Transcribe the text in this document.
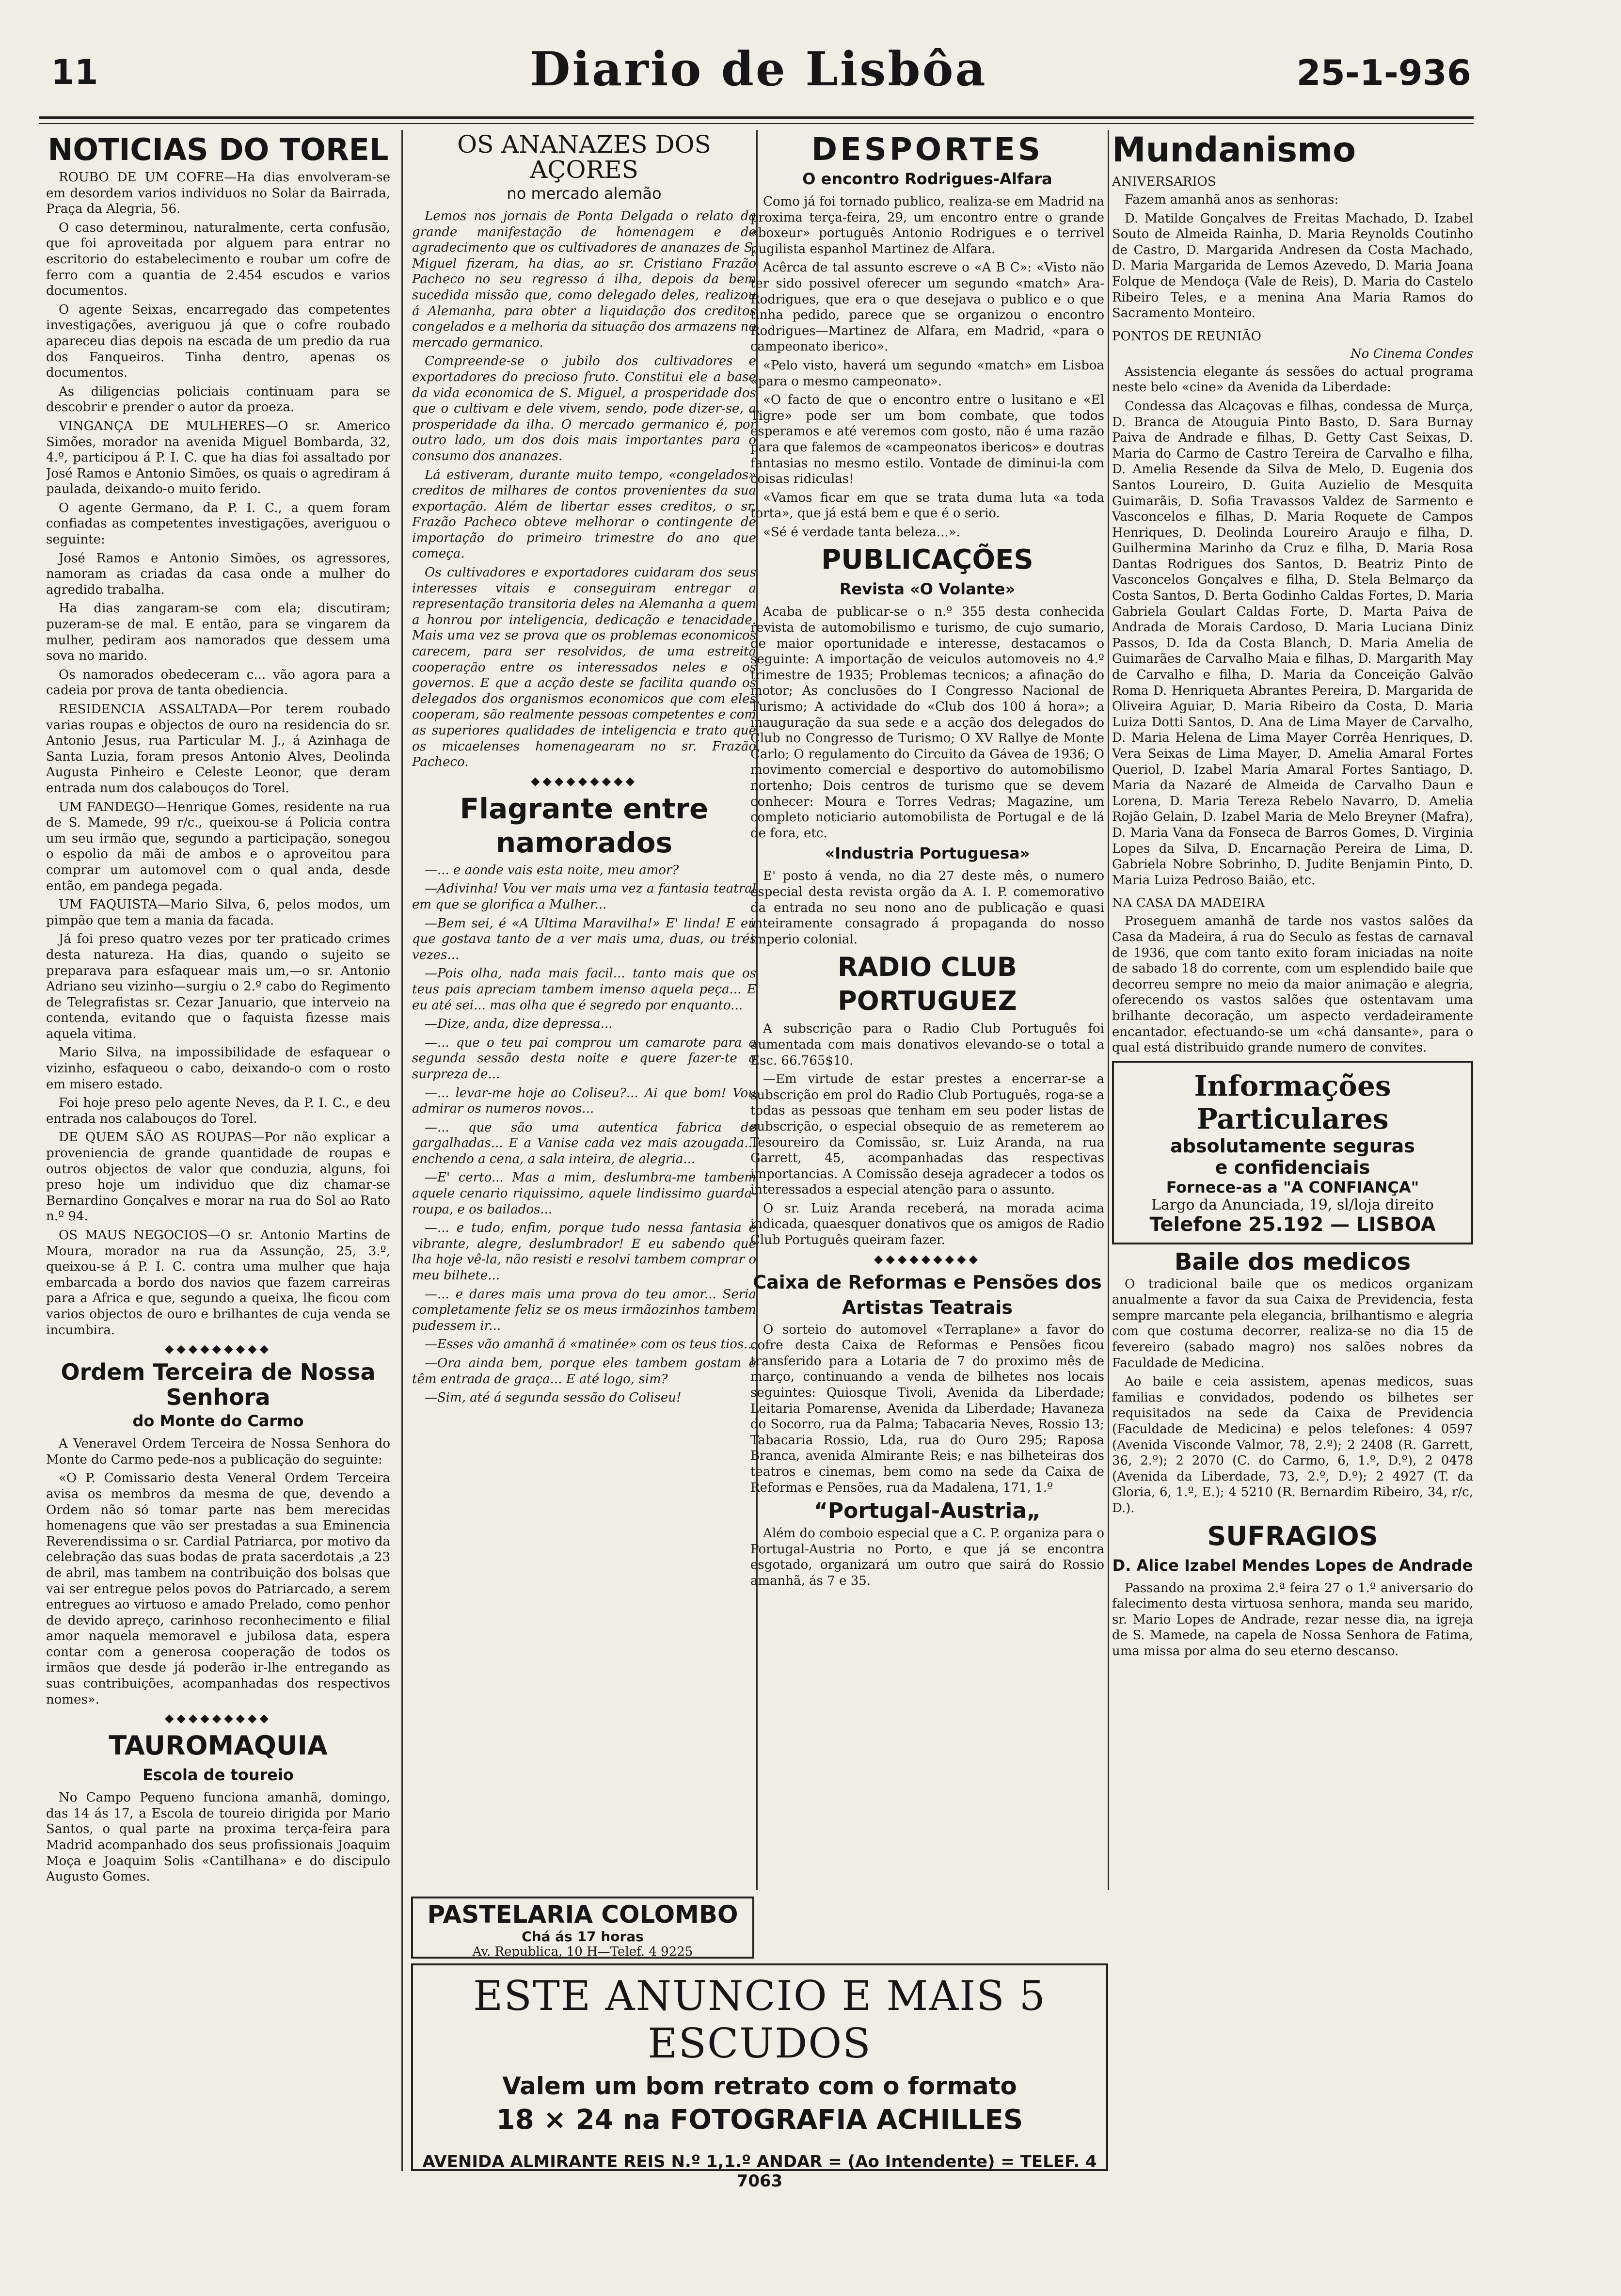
11	Diario de Lisbôa	25-1-936
NOTICIAS DO TOREL

ROUBO DE UM COFRE—Ha dias envolveram-se em desordem varios individuos no Solar da Bairrada, Praça da Alegria, 56.

O caso determinou, naturalmente, certa confusão, que foi aproveitada por alguem para entrar no escritorio do estabelecimento e roubar um cofre de ferro com a quantia de 2.454 escudos e varios documentos.

O agente Seixas, encarregado das competentes investigações, averiguou já que o cofre roubado apareceu dias depois na escada de um predio da rua dos Fanqueiros. Tinha dentro, apenas os documentos.

As diligencias policiais continuam para se descobrir e prender o autor da proeza.

VINGANÇA DE MULHERES—O sr. Americo Simões, morador na avenida Miguel Bombarda, 32, 4.º, participou á P. I. C. que ha dias foi assaltado por José Ramos e Antonio Simões, os quais o agrediram á paulada, deixando-o muito ferido.

O agente Germano, da P. I. C., a quem foram confiadas as competentes investigações, averiguou o seguinte:

José Ramos e Antonio Simões, os agressores, namoram as criadas da casa onde a mulher do agredido trabalha.

Ha dias zangaram-se com ela; discutiram; puzeram-se de mal. E então, para se vingarem da mulher, pediram aos namorados que dessem uma sova no marido.

Os namorados obedeceram c... vão agora para a cadeia por prova de tanta obediencia.

RESIDENCIA ASSALTADA—Por terem roubado varias roupas e objectos de ouro na residencia do sr. Antonio Jesus, rua Particular M. J., á Azinhaga de Santa Luzia, foram presos Antonio Alves, Deolinda Augusta Pinheiro e Celeste Leonor, que deram entrada num dos calabouços do Torel.

UM FANDEGO—Henrique Gomes, residente na rua de S. Mamede, 99 r/c., queixou-se á Policia contra um seu irmão que, segundo a participação, sonegou o espolio da mãi de ambos e o aproveitou para comprar um automovel com o qual anda, desde então, em pandega pegada.

UM FAQUISTA—Mario Silva, 6, pelos modos, um pimpão que tem a mania da facada.

Já foi preso quatro vezes por ter praticado crimes desta natureza. Ha dias, quando o sujeito se preparava para esfaquear mais um,—o sr. Antonio Adriano seu vizinho—surgiu o 2.º cabo do Regimento de Telegrafistas sr. Cezar Januario, que interveio na contenda, evitando que o faquista fizesse mais aquela vitima.

Mario Silva, na impossibilidade de esfaquear o vizinho, esfaqueou o cabo, deixando-o com o rosto em misero estado.

Foi hoje preso pelo agente Neves, da P. I. C., e deu entrada nos calabouços do Torel.

DE QUEM SÃO AS ROUPAS—Por não explicar a proveniencia de grande quantidade de roupas e outros objectos de valor que conduzia, alguns, foi preso hoje um individuo que diz chamar-se Bernardino Gonçalves e morar na rua do Sol ao Rato n.º 94.

OS MAUS NEGOCIOS—O sr. Antonio Martins de Moura, morador na rua da Assunção, 25, 3.º, queixou-se á P. I. C. contra uma mulher que haja embarcada a bordo dos navios que fazem carreiras para a Africa e que, segundo a queixa, lhe ficou com varios objectos de ouro e brilhantes de cuja venda se incumbira.

◆◆◆◆◆◆◆◆◆
Ordem Terceira de Nossa Senhora
do Monte do Carmo

A Veneravel Ordem Terceira de Nossa Senhora do Monte do Carmo pede-nos a publicação do seguinte:

«O P. Comissario desta Veneral Ordem Terceira avisa os membros da mesma de que, devendo a Ordem não só tomar parte nas bem merecidas homenagens que vão ser prestadas a sua Eminencia Reverendissima o sr. Cardial Patriarca, por motivo da celebração das suas bodas de prata sacerdotais ,a 23 de abril, mas tambem na contribuição dos bolsas que vai ser entregue pelos povos do Patriarcado, a serem entregues ao virtuoso e amado Prelado, como penhor de devido apreço, carinhoso reconhecimento e filial amor naquela memoravel e jubilosa data, espera contar com a generosa cooperação de todos os irmãos que desde já poderão ir-lhe entregando as suas contribuições, acompanhadas dos respectivos nomes».

◆◆◆◆◆◆◆◆◆
TAUROMAQUIA
Escola de toureio

No Campo Pequeno funciona amanhã, domingo, das 14 ás 17, a Escola de toureio dirigida por Mario Santos, o qual parte na proxima terça-feira para Madrid acompanhado dos seus profissionais Joaquim Moça e Joaquim Solis «Cantilhana» e do discipulo Augusto Gomes.

OS ANANAZES DOS AÇORES
no mercado alemão

Lemos nos jornais de Ponta Delgada o relato da grande manifestação de homenagem e de agradecimento que os cultivadores de ananazes de S. Miguel fizeram, ha dias, ao sr. Cristiano Frazão Pacheco no seu regresso á ilha, depois da bem sucedida missão que, como delegado deles, realizou á Alemanha, para obter a liquidação dos creditos congelados e a melhoria da situação dos armazens no mercado germanico.

Compreende-se o jubilo dos cultivadores e exportadores do precioso fruto. Constitui ele a base da vida economica de S. Miguel, a prosperidade dos que o cultivam e dele vivem, sendo, pode dizer-se, a prosperidade da ilha. O mercado germanico é, por outro lado, um dos dois mais importantes para o consumo dos ananazes.

Lá estiveram, durante muito tempo, «congelados» creditos de milhares de contos provenientes da sua exportação. Além de libertar esses creditos, o sr. Frazão Pacheco obteve melhorar o contingente de importação do primeiro trimestre do ano que começa.

Os cultivadores e exportadores cuidaram dos seus interesses vitais e conseguiram entregar a representação transitoria deles na Alemanha a quem a honrou por inteligencia, dedicação e tenacidade. Mais uma vez se prova que os problemas economicos carecem, para ser resolvidos, de uma estreita cooperação entre os interessados neles e os governos. E que a acção deste se facilita quando os delegados dos organismos economicos que com eles cooperam, são realmente pessoas competentes e com as superiores qualidades de inteligencia e trato que os micaelenses homenagearam no sr. Frazão Pacheco.

◆◆◆◆◆◆◆◆◆
Flagrante entre namorados

—... e aonde vais esta noite, meu amor?

—Adivinha! Vou ver mais uma vez a fantasia teatral em que se glorifica a Mulher...

—Bem sei, é «A Ultima Maravilha!» E' linda! E eu que gostava tanto de a ver mais uma, duas, ou trés vezes...

—Pois olha, nada mais facil... tanto mais que os teus pais apreciam tambem imenso aquela peça... E eu até sei... mas olha que é segredo por enquanto...

—Dize, anda, dize depressa...

—... que o teu pai comprou um camarote para a segunda sessão desta noite e quere fazer-te a surpreza de...

—... levar-me hoje ao Coliseu?... Ai que bom! Vou admirar os numeros novos...

—... que são uma autentica fabrica de gargalhadas... E a Vanise cada vez mais azougada... enchendo a cena, a sala inteira, de alegria...

—E' certo... Mas a mim, deslumbra-me tambem aquele cenario riquissimo, aquele lindissimo guarda-roupa, e os bailados...

—... e tudo, enfim, porque tudo nessa fantasia é vibrante, alegre, deslumbrador! E eu sabendo que lha hoje vê-la, não resisti e resolvi tambem comprar o meu bilhete...

—... e dares mais uma prova do teu amor... Seria completamente feliz se os meus irmãozinhos tambem pudessem ir...

—Esses vão amanhã á «matinée» com os teus tios...

—Ora ainda bem, porque eles tambem gostam e têm entrada de graça... E até logo, sim?

—Sim, até á segunda sessão do Coliseu!

DESPORTES
O encontro Rodrigues-Alfara

Como já foi tornado publico, realiza-se em Madrid na proxima terça-feira, 29, um encontro entre o grande «boxeur» português Antonio Rodrigues e o terrivel pugilista espanhol Martinez de Alfara.

Acêrca de tal assunto escreve o «A B C»: «Visto não ter sido possivel oferecer um segundo «match» Ara-Rodrigues, que era o que desejava o publico e o que tinha pedido, parece que se organizou o encontro Rodrigues—Martinez de Alfara, em Madrid, «para o campeonato iberico».

«Pelo visto, haverá um segundo «match» em Lisboa «para o mesmo campeonato».

«O facto de que o encontro entre o lusitano e «El Tigre» pode ser um bom combate, que todos esperamos e até veremos com gosto, não é uma razão para que falemos de «campeonatos ibericos» e doutras fantasias no mesmo estilo. Vontade de diminui-la com coisas ridiculas!

«Vamos ficar em que se trata duma luta «a toda torta», que já está bem e que é o serio.

«Sé é verdade tanta beleza...».

PUBLICAÇÕES
Revista «O Volante»

Acaba de publicar-se o n.º 355 desta conhecida revista de automobilismo e turismo, de cujo sumario, de maior oportunidade e interesse, destacamos o seguinte: A importação de veiculos automoveis no 4.º trimestre de 1935; Problemas tecnicos; a afinação do motor; As conclusões do I Congresso Nacional de Turismo; A actividade do «Club dos 100 á hora»; a inauguração da sua sede e a acção dos delegados do Club no Congresso de Turismo; O XV Rallye de Monte Carlo; O regulamento do Circuito da Gávea de 1936; O movimento comercial e desportivo do automobilismo nortenho; Dois centros de turismo que se devem conhecer: Moura e Torres Vedras; Magazine, um completo noticiario automobilista de Portugal e de lá de fora, etc.

«Industria Portuguesa»

E' posto á venda, no dia 27 deste mês, o numero especial desta revista orgão da A. I. P. comemorativo da entrada no seu nono ano de publicação e quasi inteiramente consagrado á propaganda do nosso imperio colonial.

RADIO CLUB PORTUGUEZ

A subscrição para o Radio Club Português foi aumentada com mais donativos elevando-se o total a Esc. 66.765$10.

—Em virtude de estar prestes a encerrar-se a subscrição em prol do Radio Club Português, roga-se a todas as pessoas que tenham em seu poder listas de subscrição, o especial obsequio de as remeterem ao Tesoureiro da Comissão, sr. Luiz Aranda, na rua Garrett, 45, acompanhadas das respectivas importancias. A Comissão deseja agradecer a todos os interessados a especial atenção para o assunto.

O sr. Luiz Aranda receberá, na morada acima indicada, quaesquer donativos que os amigos de Radio Club Português queiram fazer.

◆◆◆◆◆◆◆◆◆
Caixa de Reformas e Pensões dos Artistas Teatrais

O sorteio do automovel «Terraplane» a favor do cofre desta Caixa de Reformas e Pensões ficou transferido para a Lotaria de 7 do proximo mês de março, continuando a venda de bilhetes nos locais seguintes: Quiosque Tivoli, Avenida da Liberdade; Leitaria Pomarense, Avenida da Liberdade; Havaneza do Socorro, rua da Palma; Tabacaria Neves, Rossio 13; Tabacaria Rossio, Lda, rua do Ouro 295; Raposa Branca, avenida Almirante Reis; e nas bilheteiras dos teatros e cinemas, bem como na sede da Caixa de Reformas e Pensões, rua da Madalena, 171, 1.º

“Portugal-Austria„

Além do comboio especial que a C. P. organiza para o Portugal-Austria no Porto, e que já se encontra esgotado, organizará um outro que sairá do Rossio amanhã, ás 7 e 35.

PASTELARIA COLOMBO
Chá ás 17 horas
Av. Republica, 10 H—Telef. 4 9225
ESTE ANUNCIO E MAIS 5 ESCUDOS
Valem um bom retrato com o formato
18 × 24 na FOTOGRAFIA ACHILLES
AVENIDA ALMIRANTE REIS N.º 1,1.º ANDAR = (Ao Intendente) = TELEF. 4 7063
Mundanismo
ANIVERSARIOS

Fazem amanhã anos as senhoras:

D. Matilde Gonçalves de Freitas Machado, D. Izabel Souto de Almeida Rainha, D. Maria Reynolds Coutinho de Castro, D. Margarida Andresen da Costa Machado, D. Maria Margarida de Lemos Azevedo, D. Maria Joana Folque de Mendoça (Vale de Reis), D. Maria do Castelo Ribeiro Teles, e a menina Ana Maria Ramos do Sacramento Monteiro.

PONTOS DE REUNIÃO
No Cinema Condes

Assistencia elegante ás sessões do actual programa neste belo «cine» da Avenida da Liberdade:

Condessa das Alcaçovas e filhas, condessa de Murça, D. Branca de Atouguia Pinto Basto, D. Sara Burnay Paiva de Andrade e filhas, D. Getty Cast Seixas, D. Maria do Carmo de Castro Tereira de Carvalho e filha, D. Amelia Resende da Silva de Melo, D. Eugenia dos Santos Loureiro, D. Guita Auzielio de Mesquita Guimarãis, D. Sofia Travassos Valdez de Sarmento e Vasconcelos e filhas, D. Maria Roquete de Campos Henriques, D. Deolinda Loureiro Araujo e filha, D. Guilhermina Marinho da Cruz e filha, D. Maria Rosa Dantas Rodrigues dos Santos, D. Beatriz Pinto de Vasconcelos Gonçalves e filha, D. Stela Belmarço da Costa Santos, D. Berta Godinho Caldas Fortes, D. Maria Gabriela Goulart Caldas Forte, D. Marta Paiva de Andrada de Morais Cardoso, D. Maria Luciana Diniz Passos, D. Ida da Costa Blanch, D. Maria Amelia de Guimarães de Carvalho Maia e filhas, D. Margarith May de Carvalho e filha, D. Maria da Conceição Galvão Roma D. Henriqueta Abrantes Pereira, D. Margarida de Oliveira Aguiar, D. Maria Ribeiro da Costa, D. Maria Luiza Dotti Santos, D. Ana de Lima Mayer de Carvalho, D. Maria Helena de Lima Mayer Corrêa Henriques, D. Vera Seixas de Lima Mayer, D. Amelia Amaral Fortes Queriol, D. Izabel Maria Amaral Fortes Santiago, D. Maria da Nazaré de Almeida de Carvalho Daun e Lorena, D. Maria Tereza Rebelo Navarro, D. Amelia Rojão Gelain, D. Izabel Maria de Melo Breyner (Mafra), D. Maria Vana da Fonseca de Barros Gomes, D. Virginia Lopes da Silva, D. Encarnação Pereira de Lima, D. Gabriela Nobre Sobrinho, D. Judite Benjamin Pinto, D. Maria Luiza Pedroso Baião, etc.

NA CASA DA MADEIRA

Proseguem amanhã de tarde nos vastos salões da Casa da Madeira, á rua do Seculo as festas de carnaval de 1936, que com tanto exito foram iniciadas na noite de sabado 18 do corrente, com um esplendido baile que decorreu sempre no meio da maior animação e alegria, oferecendo os vastos salões que ostentavam uma brilhante decoração, um aspecto verdadeiramente encantador. efectuando-se um «chá dansante», para o qual está distribuido grande numero de convites.

Informações Particulares
absolutamente seguras
e confidenciais
Fornece-as a "A CONFIANÇA"
Largo da Anunciada, 19, sl/loja direito
Telefone 25.192 — LISBOA
Baile dos medicos

O tradicional baile que os medicos organizam anualmente a favor da sua Caixa de Previdencia, festa sempre marcante pela elegancia, brilhantismo e alegria com que costuma decorrer, realiza-se no dia 15 de fevereiro (sabado magro) nos salões nobres da Faculdade de Medicina.

Ao baile e ceia assistem, apenas medicos, suas familias e convidados, podendo os bilhetes ser requisitados na sede da Caixa de Previdencia (Faculdade de Medicina) e pelos telefones: 4 0597 (Avenida Visconde Valmor, 78, 2.º); 2 2408 (R. Garrett, 36, 2.º); 2 2070 (C. do Carmo, 6, 1.º, D.º), 2 0478 (Avenida da Liberdade, 73, 2.º, D.º); 2 4927 (T. da Gloria, 6, 1.º, E.); 4 5210 (R. Bernardim Ribeiro, 34, r/c, D.).

SUFRAGIOS
D. Alice Izabel Mendes Lopes de Andrade

Passando na proxima 2.ª feira 27 o 1.º aniversario do falecimento desta virtuosa senhora, manda seu marido, sr. Mario Lopes de Andrade, rezar nesse dia, na igreja de S. Mamede, na capela de Nossa Senhora de Fatima, uma missa por alma do seu eterno descanso.
